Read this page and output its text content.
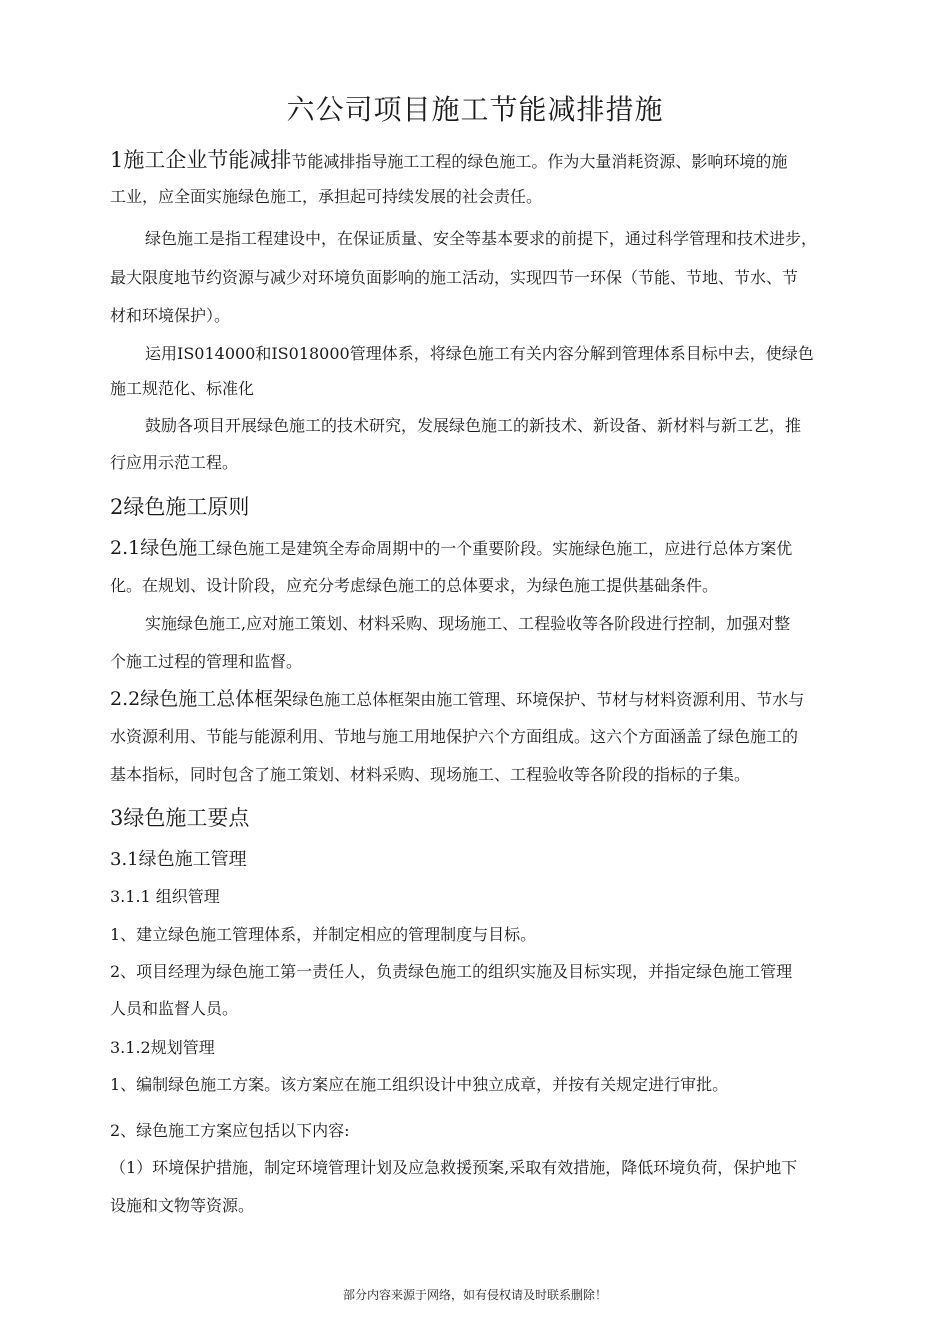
六公司项目施工节能减排措施
1施工企业节能减排节能减排指导施工工程的绿色施工。作为大量消耗资源、影响环境的施
工业，应全面实施绿色施工，承担起可持续发展的社会责任。
绿色施工是指工程建设中，在保证质量、安全等基本要求的前提下，通过科学管理和技术进步，
最大限度地节约资源与减少对环境负面影响的施工活动，实现四节一环保（节能、节地、节水、节
材和环境保护）。
运用IS014000和IS018000管理体系，将绿色施工有关内容分解到管理体系目标中去，使绿色
施工规范化、标准化
鼓励各项目开展绿色施工的技术研究，发展绿色施工的新技术、新设备、新材料与新工艺，推
行应用示范工程。
2绿色施工原则
2.1绿色施工绿色施工是建筑全寿命周期中的一个重要阶段。实施绿色施工，应进行总体方案优
化。在规划、设计阶段，应充分考虑绿色施工的总体要求，为绿色施工提供基础条件。
实施绿色施工,应对施工策划、材料采购、现场施工、工程验收等各阶段进行控制，加强对整
个施工过程的管理和监督。
2.2绿色施工总体框架绿色施工总体框架由施工管理、环境保护、节材与材料资源利用、节水与
水资源利用、节能与能源利用、节地与施工用地保护六个方面组成。这六个方面涵盖了绿色施工的
基本指标，同时包含了施工策划、材料采购、现场施工、工程验收等各阶段的指标的子集。
3绿色施工要点
3.1绿色施工管理
3.1.1 组织管理
1、建立绿色施工管理体系，并制定相应的管理制度与目标。
2、项目经理为绿色施工第一责任人，负责绿色施工的组织实施及目标实现，并指定绿色施工管理
人员和监督人员。
3.1.2规划管理
1、编制绿色施工方案。该方案应在施工组织设计中独立成章，并按有关规定进行审批。
2、绿色施工方案应包括以下内容:
（1）环境保护措施，制定环境管理计划及应急救援预案,采取有效措施，降低环境负荷，保护地下
设施和文物等资源。
部分内容来源于网络，如有侵权请及时联系删除！
